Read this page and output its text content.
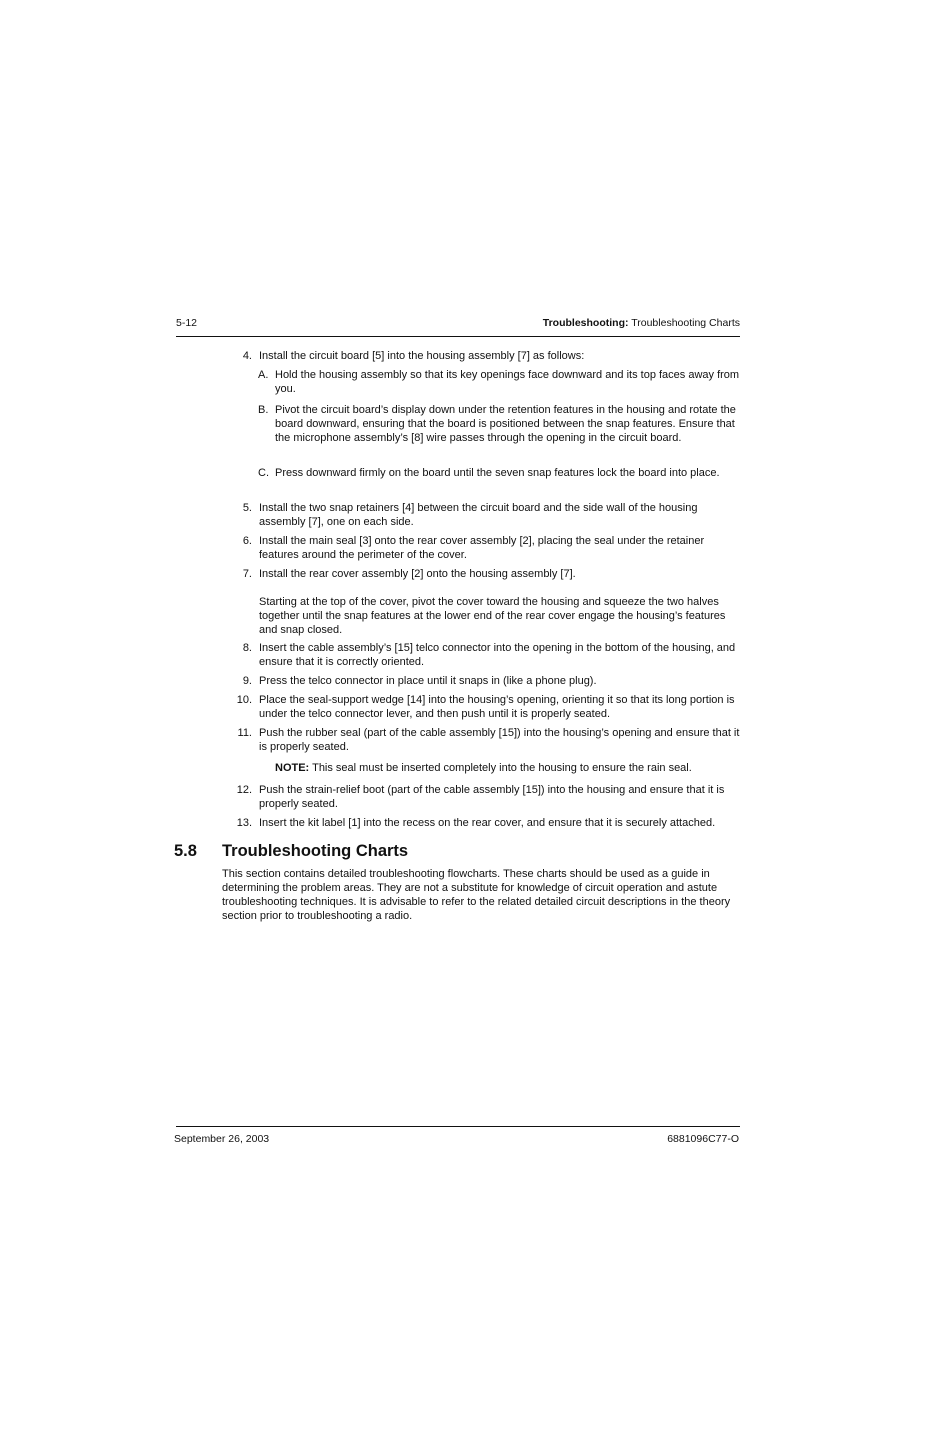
5-12	Troubleshooting: Troubleshooting Charts
4. Install the circuit board [5] into the housing assembly [7] as follows:
A. Hold the housing assembly so that its key openings face downward and its top faces away from you.
B. Pivot the circuit board’s display down under the retention features in the housing and rotate the board downward, ensuring that the board is positioned between the snap features. Ensure that the microphone assembly’s [8] wire passes through the opening in the circuit board.
C. Press downward firmly on the board until the seven snap features lock the board into place.
5. Install the two snap retainers [4] between the circuit board and the side wall of the housing assembly [7], one on each side.
6. Install the main seal [3] onto the rear cover assembly [2], placing the seal under the retainer features around the perimeter of the cover.
7. Install the rear cover assembly [2] onto the housing assembly [7].
Starting at the top of the cover, pivot the cover toward the housing and squeeze the two halves together until the snap features at the lower end of the rear cover engage the housing’s features and snap closed.
8. Insert the cable assembly’s [15] telco connector into the opening in the bottom of the housing, and ensure that it is correctly oriented.
9. Press the telco connector in place until it snaps in (like a phone plug).
10. Place the seal-support wedge [14] into the housing’s opening, orienting it so that its long portion is under the telco connector lever, and then push until it is properly seated.
11. Push the rubber seal (part of the cable assembly [15]) into the housing’s opening and ensure that it is properly seated.
NOTE: This seal must be inserted completely into the housing to ensure the rain seal.
12. Push the strain-relief boot (part of the cable assembly [15]) into the housing and ensure that it is properly seated.
13. Insert the kit label [1] into the recess on the rear cover, and ensure that it is securely attached.
5.8 Troubleshooting Charts
This section contains detailed troubleshooting flowcharts. These charts should be used as a guide in determining the problem areas. They are not a substitute for knowledge of circuit operation and astute troubleshooting techniques. It is advisable to refer to the related detailed circuit descriptions in the theory section prior to troubleshooting a radio.
September 26, 2003	6881096C77-O
